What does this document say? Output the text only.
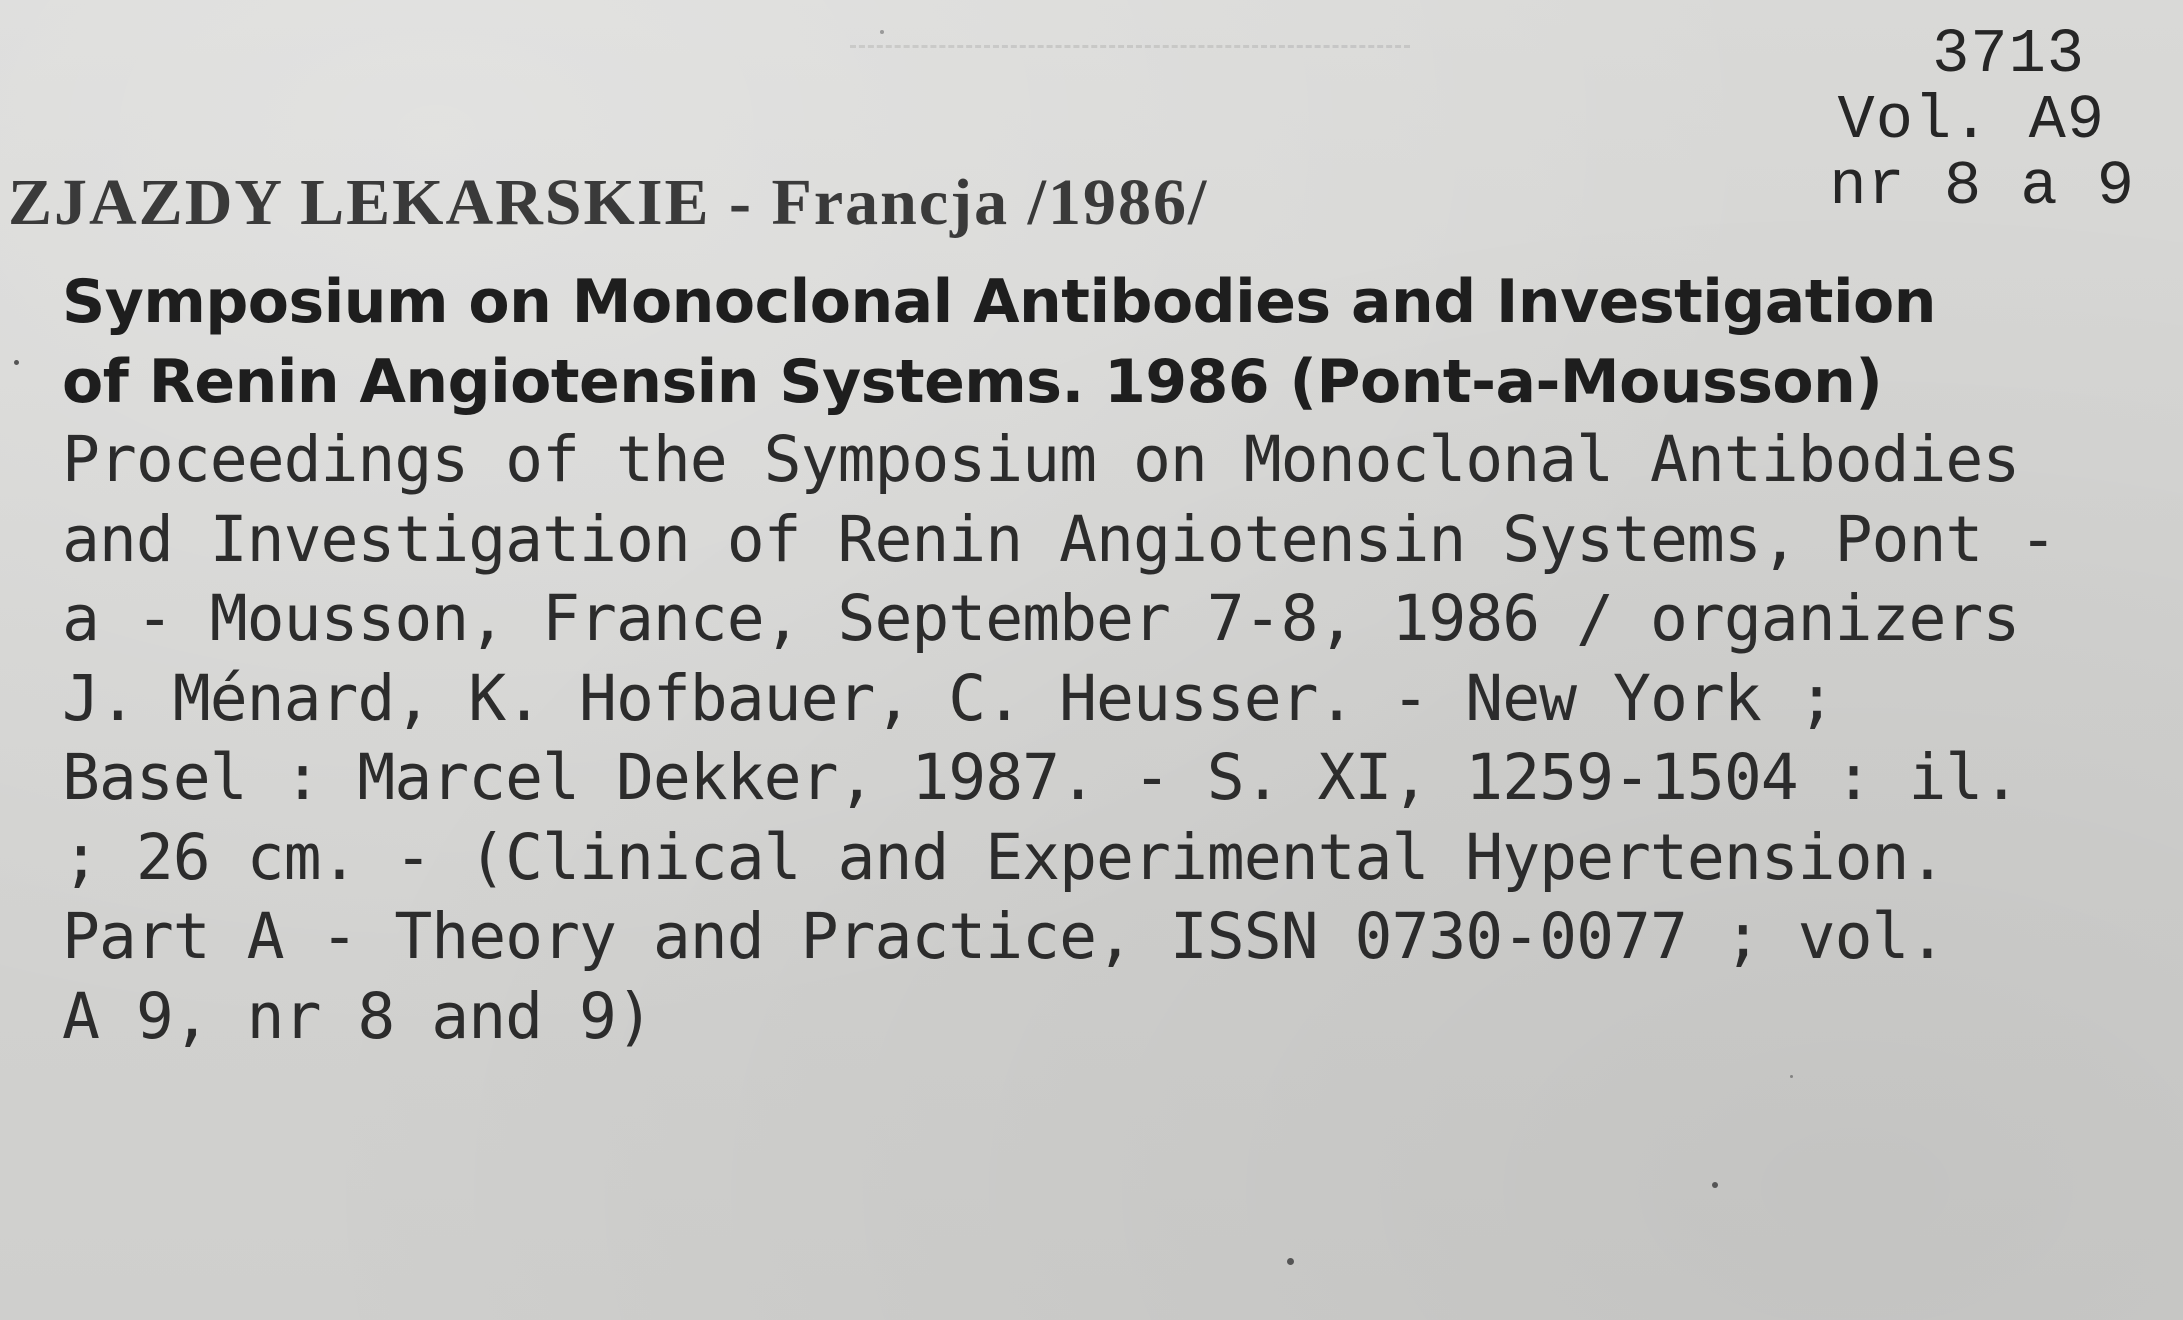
3713
Vol. A9
nr 8 a 9
ZJAZDY LEKARSKIE - Francja /1986/
Symposium on Monoclonal Antibodies and Investigation
of Renin Angiotensin Systems. 1986 (Pont-a-Mousson)
Proceedings of the Symposium on Monoclonal Antibodies
and Investigation of Renin Angiotensin Systems, Pont -
a - Mousson, France, September 7-8, 1986 / organizers
J. Ménard, K. Hofbauer, C. Heusser. - New York ;
Basel : Marcel Dekker, 1987. - S. XI, 1259-1504 : il.
; 26 cm. - (Clinical and Experimental Hypertension.
Part A - Theory and Practice, ISSN 0730-0077 ; vol.
A 9, nr 8 and 9)
